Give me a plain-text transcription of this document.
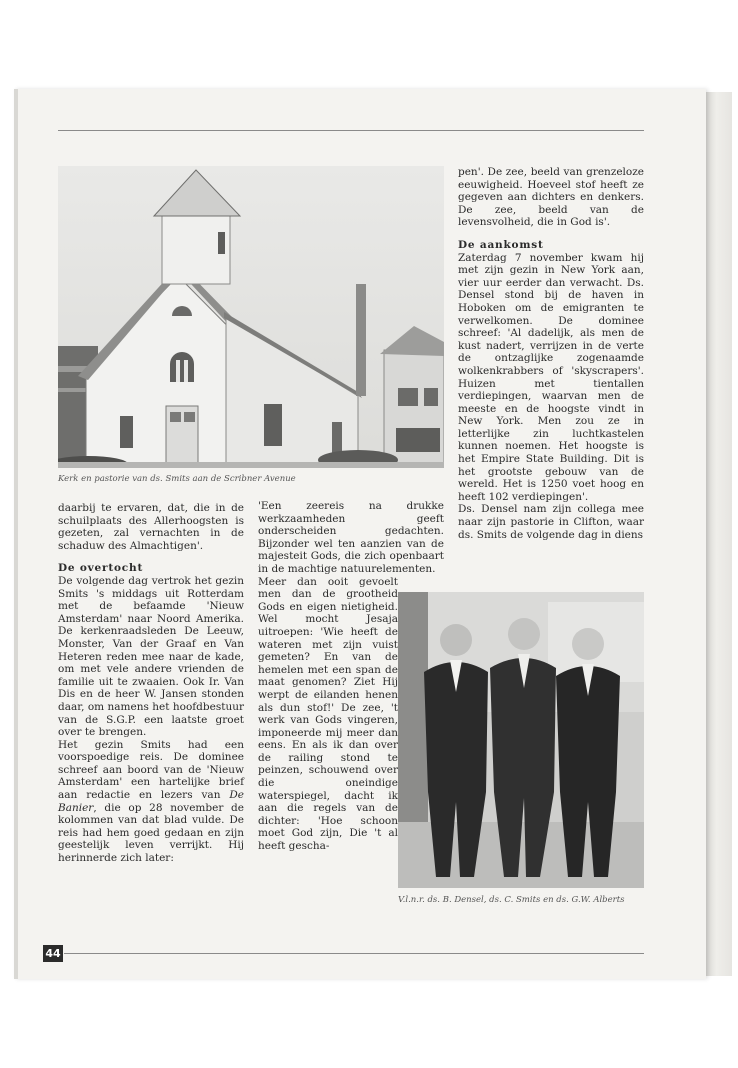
Kerk en pastorie van ds. Smits aan de Scribner Avenue

daarbij te ervaren, dat, die in de schuilplaats des Allerhoogsten is gezeten, zal vernachten in de schaduw des Almachtigen'.

De overtocht

De volgende dag vertrok het gezin Smits 's middags uit Rotterdam met de befaamde 'Nieuw Amsterdam' naar Noord Amerika. De kerkenraadsleden De Leeuw, Monster, Van der Graaf en Van Heteren reden mee naar de kade, om met vele andere vrienden de familie uit te zwaaien. Ook Ir. Van Dis en de heer W. Jansen stonden daar, om namens het hoofdbestuur van de S.G.P. een laatste groet over te brengen.

Het gezin Smits had een voorspoedige reis. De dominee schreef aan boord van de 'Nieuw Amsterdam' een hartelijke brief aan redactie en lezers van De Banier, die op 28 november de kolommen van dat blad vulde. De reis had hem goed gedaan en zijn geestelijk leven verrijkt. Hij herinnerde zich later:

'Een zeereis na drukke werkzaamheden geeft onderscheiden gedachten. Bijzonder wel ten aanzien van de majesteit Gods, die zich openbaart in de machtige natuurelementen.

Meer dan ooit gevoelt men dan de grootheid Gods en eigen nietigheid. Wel mocht Jesaja uitroepen: 'Wie heeft de wateren met zijn vuist gemeten? En van de hemelen met een span de maat genomen? Ziet Hij werpt de eilanden henen als dun stof!' De zee, 't werk van Gods vingeren, imponeerde mij meer dan eens. En als ik dan over de railing stond te peinzen, schouwend over die oneindige waterspiegel, dacht ik aan die regels van de dichter: 'Hoe schoon moet God zijn, Die 't al heeft gescha-

pen'. De zee, beeld van grenzeloze eeuwigheid. Hoeveel stof heeft ze gegeven aan dichters en denkers. De zee, beeld van de levensvolheid, die in God is'.

De aankomst

Zaterdag 7 november kwam hij met zijn gezin in New York aan, vier uur eerder dan verwacht. Ds. Densel stond bij de haven in Hoboken om de emigranten te verwelkomen. De dominee schreef: 'Al dadelijk, als men de kust nadert, verrijzen in de verte de ontzaglijke zogenaamde wolkenkrabbers of 'skyscrapers'. Huizen met tientallen verdiepingen, waarvan men de meeste en de hoogste vindt in New York. Men zou ze in letterlijke zin luchtkastelen kunnen noemen. Het hoogste is het Empire State Building. Dit is het grootste gebouw van de wereld. Het is 1250 voet hoog en heeft 102 verdiepingen'.

Ds. Densel nam zijn collega mee naar zijn pastorie in Clifton, waar ds. Smits de volgende dag in diens

V.l.n.r. ds. B. Densel, ds. C. Smits en ds. G.W. Alberts
44
